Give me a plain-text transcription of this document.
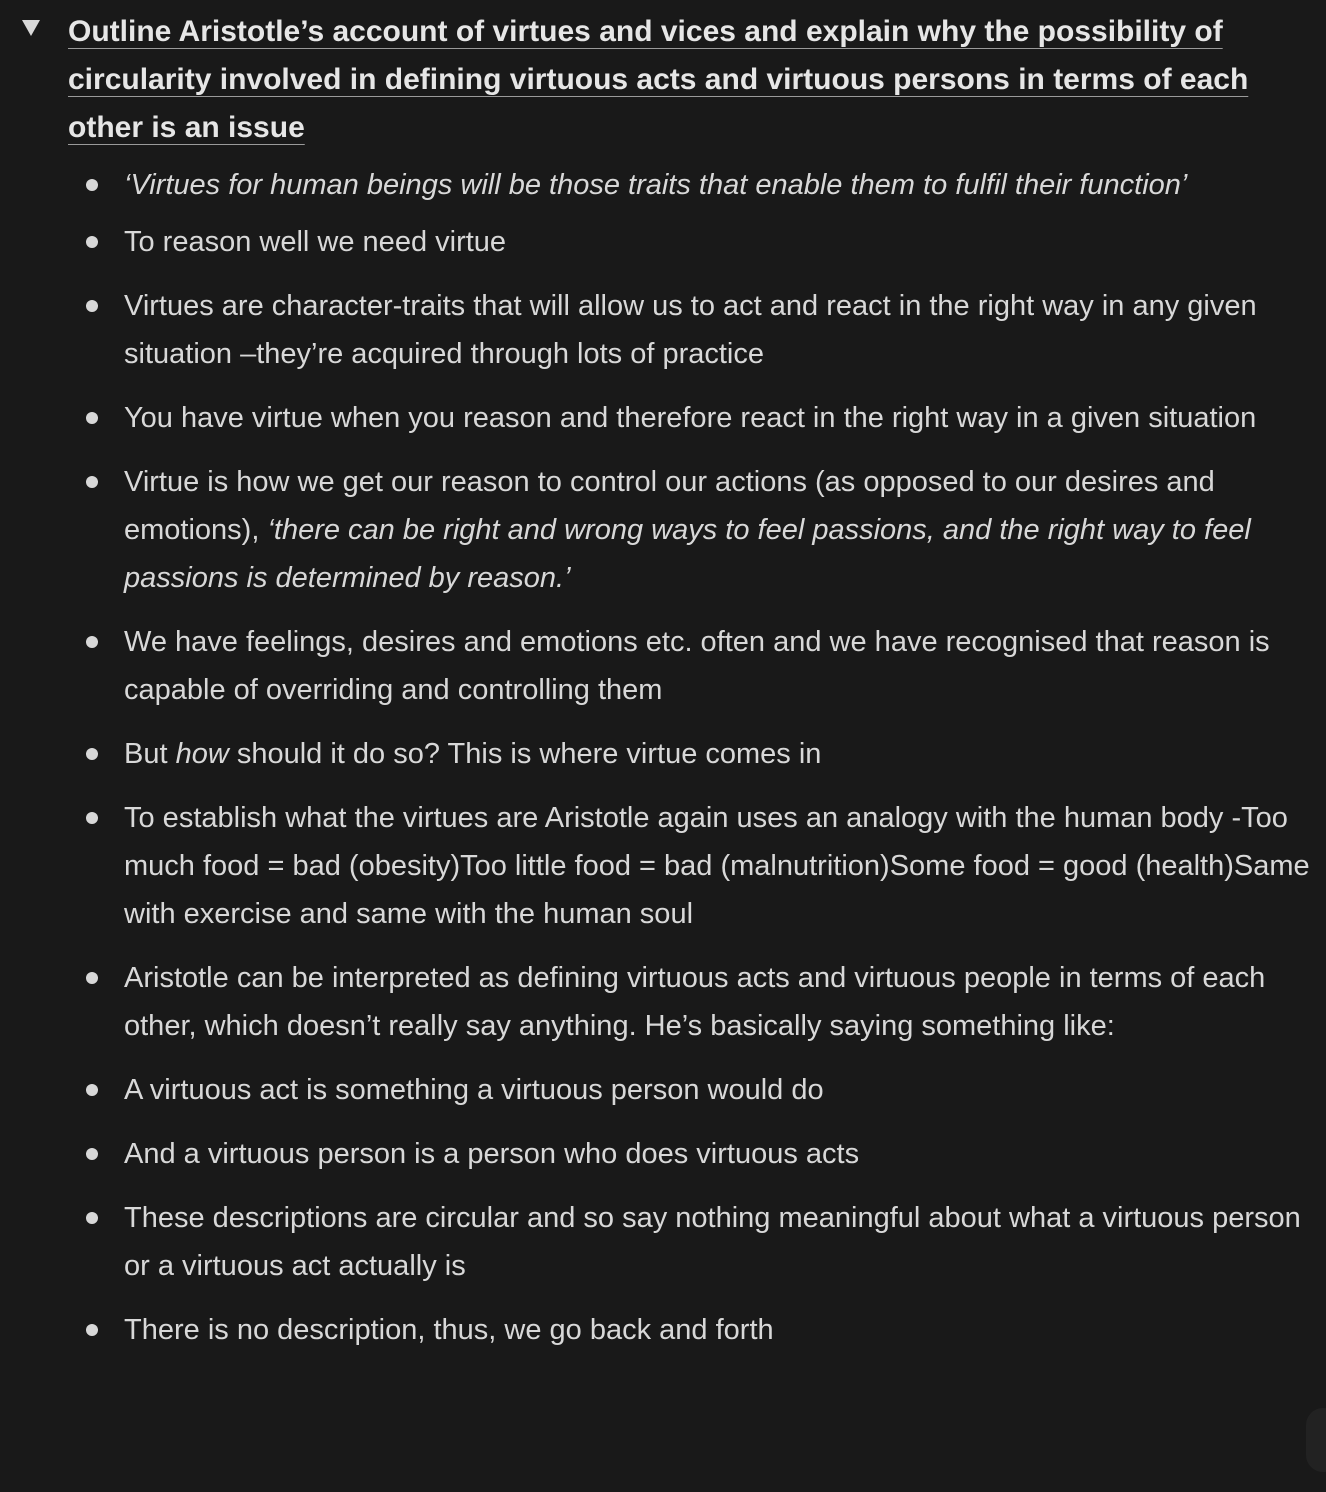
Outline Aristotle’s account of virtues and vices and explain why the possibility of circularity involved in defining virtuous acts and virtuous persons in terms of each other is an issue
‘Virtues for human beings will be those traits that enable them to fulfil their function’
To reason well we need virtue
Virtues are character-traits that will allow us to act and react in the right way in any given situation –they’re acquired through lots of practice
You have virtue when you reason and therefore react in the right way in a given situation
Virtue is how we get our reason to control our actions (as opposed to our desires and emotions), ‘there can be right and wrong ways to feel passions, and the right way to feel passions is determined by reason.’
We have feelings, desires and emotions etc. often and we have recognised that reason is capable of overriding and controlling them
But how should it do so? This is where virtue comes in
To establish what the virtues are Aristotle again uses an analogy with the human body -Too much food = bad (obesity)Too little food = bad (malnutrition)Some food = good (health)Same with exercise and same with the human soul
Aristotle can be interpreted as defining virtuous acts and virtuous people in terms of each other, which doesn’t really say anything. He’s basically saying something like:
A virtuous act is something a virtuous person would do
And a virtuous person is a person who does virtuous acts
These descriptions are circular and so say nothing meaningful about what a virtuous person or a virtuous act actually is
There is no description, thus, we go back and forth
